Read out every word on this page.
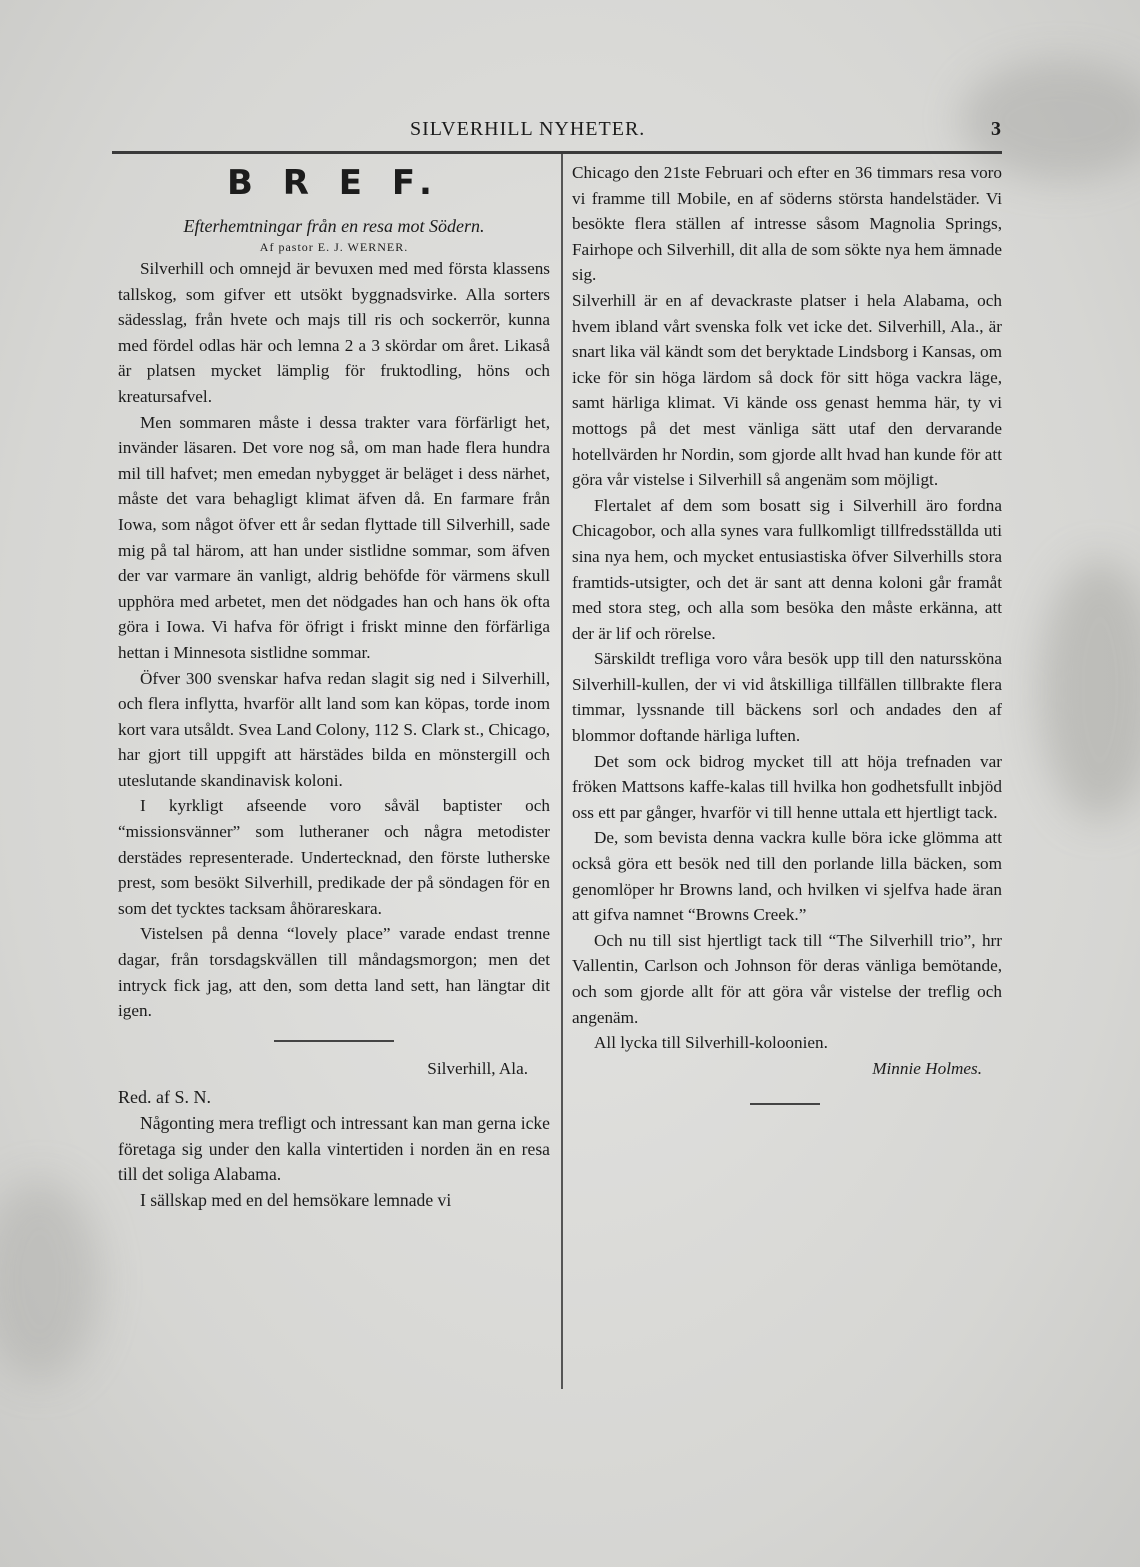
SILVERHILL NYHETER.	3
B R E F.
Efterhemtningar från en resa mot Södern.
Af pastor E. J. WERNER.

Silverhill och omnejd är bevuxen med med första klassens tallskog, som gifver ett utsökt byggnadsvirke. Alla sorters sädesslag, från hvete och majs till ris och sockerrör, kunna med fördel odlas här och lemna 2 a 3 skördar om året. Likaså är platsen mycket lämplig för fruktodling, höns och kreatursafvel.

Men sommaren måste i dessa trakter vara förfärligt het, invänder läsaren. Det vore nog så, om man hade flera hundra mil till hafvet; men emedan nybygget är beläget i dess närhet, måste det vara behagligt klimat äfven då. En farmare från Iowa, som något öfver ett år sedan flyttade till Silverhill, sade mig på tal härom, att han under sistlidne sommar, som äfven der var varmare än vanligt, aldrig behöfde för värmens skull upphöra med arbetet, men det nödgades han och hans ök ofta göra i Iowa. Vi hafva för öfrigt i friskt minne den förfärliga hettan i Minnesota sistlidne sommar.

Öfver 300 svenskar hafva redan slagit sig ned i Silverhill, och flera inflytta, hvarför allt land som kan köpas, torde inom kort vara utsåldt. Svea Land Colony, 112 S. Clark st., Chicago, har gjort till uppgift att härstädes bilda en mönstergill och uteslutande skandinavisk koloni.

I kyrkligt afseende voro såväl baptister och “missionsvänner” som lutheraner och några metodister derstädes representerade. Undertecknad, den förste lutherske prest, som besökt Silverhill, predikade der på söndagen för en som det tycktes tacksam åhörareskara.

Vistelsen på denna “lovely place” varade endast trenne dagar, från torsdagskvällen till måndagsmorgon; men det intryck fick jag, att den, som detta land sett, han längtar dit igen.

Silverhill, Ala.

Red. af S. N.

Någonting mera trefligt och intressant kan man gerna icke företaga sig under den kalla vintertiden i norden än en resa till det soliga Alabama.

I sällskap med en del hemsökare lemnade vi

Chicago den 21ste Februari och efter en 36 timmars resa voro vi framme till Mobile, en af söderns största handelstäder. Vi besökte flera ställen af intresse såsom Magnolia Springs, Fairhope och Silverhill, dit alla de som sökte nya hem ämnade sig.

Silverhill är en af devackraste platser i hela Alabama, och hvem ibland vårt svenska folk vet icke det. Silverhill, Ala., är snart lika väl kändt som det beryktade Lindsborg i Kansas, om icke för sin höga lärdom så dock för sitt höga vackra läge, samt härliga klimat. Vi kände oss genast hemma här, ty vi mottogs på det mest vänliga sätt utaf den dervarande hotellvärden hr Nordin, som gjorde allt hvad han kunde för att göra vår vistelse i Silverhill så angenäm som möjligt.

Flertalet af dem som bosatt sig i Silverhill äro fordna Chicagobor, och alla synes vara fullkomligt tillfredsställda uti sina nya hem, och mycket entusiastiska öfver Silverhills stora framtids-utsigter, och det är sant att denna koloni går framåt med stora steg, och alla som besöka den måste erkänna, att der är lif och rörelse.

Särskildt trefliga voro våra besök upp till den naturssköna Silverhill-kullen, der vi vid åtskilliga tillfällen tillbrakte flera timmar, lyssnande till bäckens sorl och andades den af blommor doftande härliga luften.

Det som ock bidrog mycket till att höja trefnaden var fröken Mattsons kaffe-kalas till hvilka hon godhetsfullt inbjöd oss ett par gånger, hvarför vi till henne uttala ett hjertligt tack.

De, som bevista denna vackra kulle böra icke glömma att också göra ett besök ned till den porlande lilla bäcken, som genomlöper hr Browns land, och hvilken vi sjelfva hade äran att gifva namnet “Browns Creek.”

Och nu till sist hjertligt tack till “The Silverhill trio”, hrr Vallentin, Carlson och Johnson för deras vänliga bemötande, och som gjorde allt för att göra vår vistelse der treflig och angenäm.

All lycka till Silverhill-koloonien.

Minnie Holmes.
